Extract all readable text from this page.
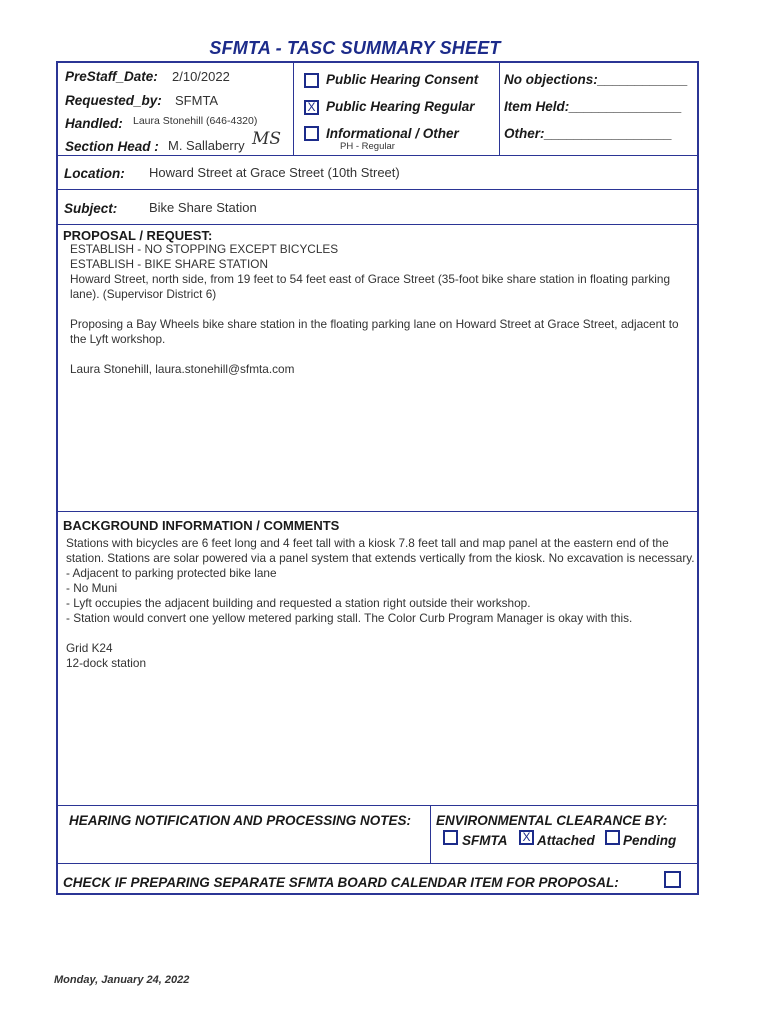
SFMTA - TASC SUMMARY SHEET
PreStaff_Date: 2/10/2022
Requested_by: SFMTA
Handled: Laura Stonehill (646-4320)
Section Head : M. Sallaberry MS
Public Hearing Consent
X Public Hearing Regular
Informational / Other
PH - Regular
No objections:____________
Item Held:_______________
Other:_________________
Location: Howard Street at Grace Street (10th Street)
Subject: Bike Share Station
PROPOSAL / REQUEST:

ESTABLISH - NO STOPPING EXCEPT BICYCLES

ESTABLISH - BIKE SHARE STATION

Howard Street, north side, from 19 feet to 54 feet east of Grace Street (35-foot bike share station in floating parking lane). (Supervisor District 6)

Proposing a Bay Wheels bike share station in the floating parking lane on Howard Street at Grace Street, adjacent to the Lyft workshop.

Laura Stonehill, laura.stonehill@sfmta.com

BACKGROUND INFORMATION / COMMENTS

Stations with bicycles are 6 feet long and 4 feet tall with a kiosk 7.8 feet tall and map panel at the eastern end of the station. Stations are solar powered via a panel system that extends vertically from the kiosk. No excavation is necessary.

- Adjacent to parking protected bike lane

- No Muni

- Lyft occupies the adjacent building and requested a station right outside their workshop.

- Station would convert one yellow metered parking stall. The Color Curb Program Manager is okay with this.

Grid K24

12-dock station

HEARING NOTIFICATION AND PROCESSING NOTES: ENVIRONMENTAL CLEARANCE BY:
SFMTA X Attached Pending
CHECK IF PREPARING SEPARATE SFMTA BOARD CALENDAR ITEM FOR PROPOSAL:
Monday, January 24, 2022
